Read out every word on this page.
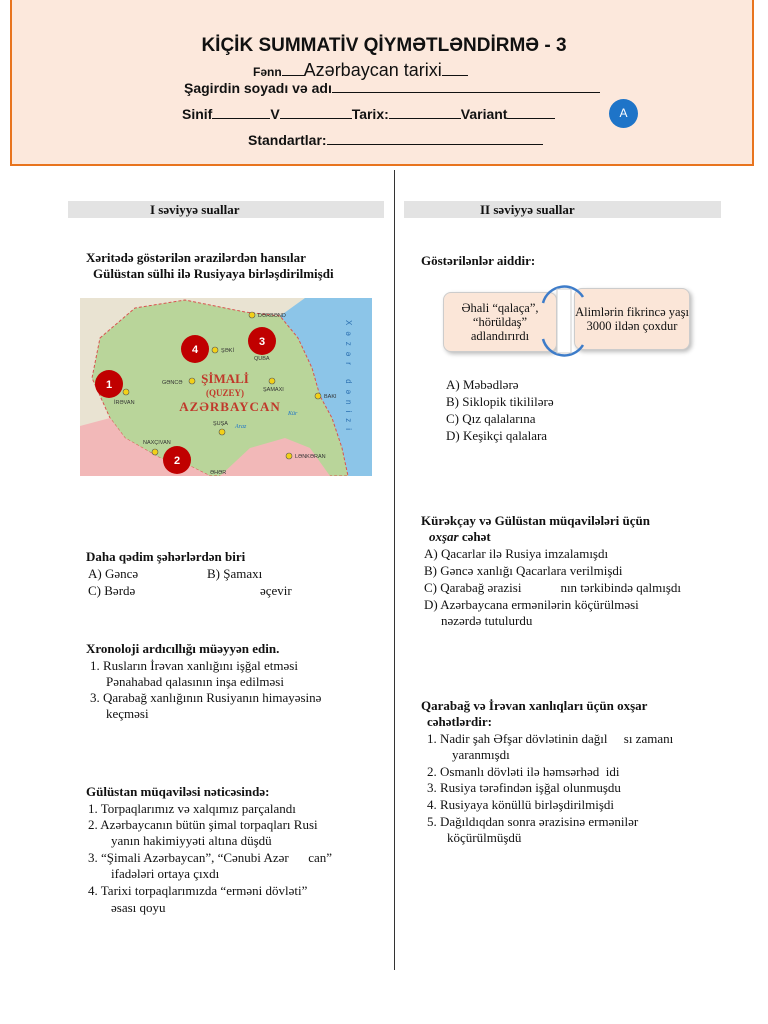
KİÇİK SUMMATİV QİYMƏTLƏNDİRMƏ - 3
Fənn Azərbaycan tarixi
Şagirdin soyadı və adı
Sinif	V	Tarix:	Variant	A
Standartlar:
I səviyyə suallar
Xəritədə göstərilən ərazilərdən hansılar
Gülüstan sülhi ilə Rusiyaya birləşdirilmişdi
Xəzər dənizi
DƏRBƏND
ŞƏKİ
QUBA
GƏNCƏ
ŞAMAXI
İRƏVAN
BAKI
ŞUŞA
NAXÇIVAN
LƏNKƏRAN
ƏHƏR
ŞİMALİ
(QUZEY)
AZƏRBAYCAN Kür
Araz
1
2
3
4
Daha qədim şəhərlərdən biri
A) Gəncə	B) Şamaxı
C) Bərdə	əçevir
Xronoloji ardıcıllığı müəyyən edin.
1. Rusların İrəvan xanlığını işğal etməsi
Pənahabad qalasının inşa edilməsi
3. Qarabağ xanlığının Rusiyanın himayəsinə
keçməsi
Gülüstan müqaviləsi nəticəsində:
1. Torpaqlarımız və xalqımız parçalandı
2. Azərbaycanın bütün şimal torpaqları Rusi
yanın hakimiyyəti altına düşdü
3. “Şimali Azərbaycan”, “Cənubi Azər      can”
ifadələri ortaya çıxdı
4. Tarixi torpaqlarımızda “erməni dövləti”
əsası qoyu
II səviyyə suallar
Göstərilənlər aiddir:
Əhali “qalaça”, “hörüldaş” adlandırırdı
Alimlərin fikrincə yaşı 3000 ildən çoxdur
A) Məbədlərə
B) Siklopik tikililərə
C) Qız qalalarına
D) Keşikçi qalalara
Kürəkçay və Gülüstan müqavilələri üçün
oxşar cəhət
A) Qacarlar ilə Rusiya imzalamışdı
B) Gəncə xanlığı Qacarlara verilmişdi
C) Qarabağ ərazisi            nın tərkibində qalmışdı
D) Azərbaycana ermənilərin köçürülməsi
nəzərdə tutulurdu
Qarabağ və İrəvan xanlıqları üçün oxşar
cəhətlərdir:
1. Nadir şah Əfşar dövlətinin dağıl     sı zamanı
yaranmışdı
2. Osmanlı dövləti ilə həmsərhəd  idi
3. Rusiya tərəfindən işğal olunmuşdu
4. Rusiyaya könüllü birləşdirilmişdi
5. Dağıldıqdan sonra ərazisinə ermənilər
köçürülmüşdü
